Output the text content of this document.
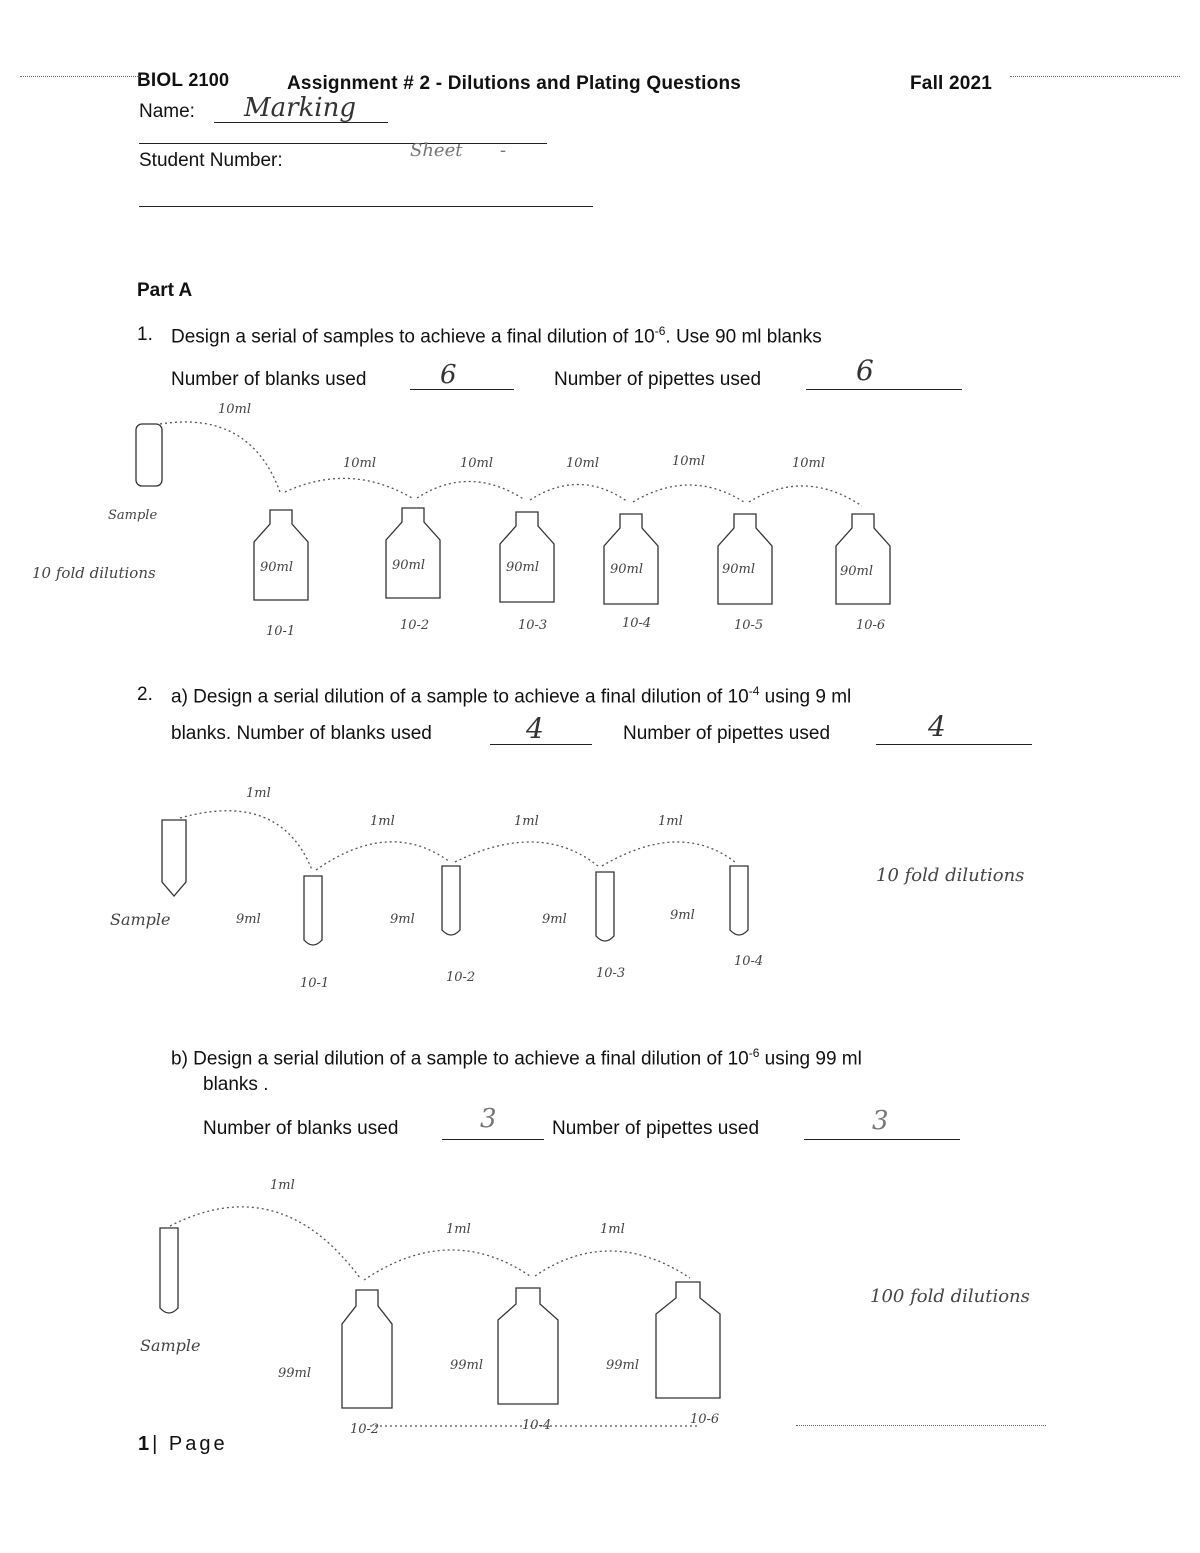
BIOL 2100	Assignment # 2 - Dilutions and Plating Questions	Fall 2021
Name: Marking
Student Number:	Sheet -
Part A
1. Design a serial of samples to achieve a final dilution of $10^{-6}$. Use 90 ml blanks
Number of blanks used	6	Number of pipettes used	6
Sample
10ml
10ml	10ml	10ml	10ml	10ml
90ml	90ml	90ml	90ml	90ml	90ml
10-1	10-2	10-3	10-4	10-5	10-6
10 fold dilutions
2. a) Design a serial dilution of a sample to achieve a final dilution of $10^{-4}$ using 9 ml
blanks. Number of blanks used	4	Number of pipettes used	4
Sample
1ml
1ml	1ml	1ml
9ml	9ml	9ml	9ml
10-1	10-2	10-3
10-4
10 fold dilutions
b) Design a serial dilution of a sample to achieve a final dilution of $10^{-6}$ using 99 ml
blanks .
Number of blanks used	3	Number of pipettes used	3
Sample
1ml
1ml	1ml
99ml
99ml	99ml
10-2	10-4	10-6
100 fold dilutions
1| Page
